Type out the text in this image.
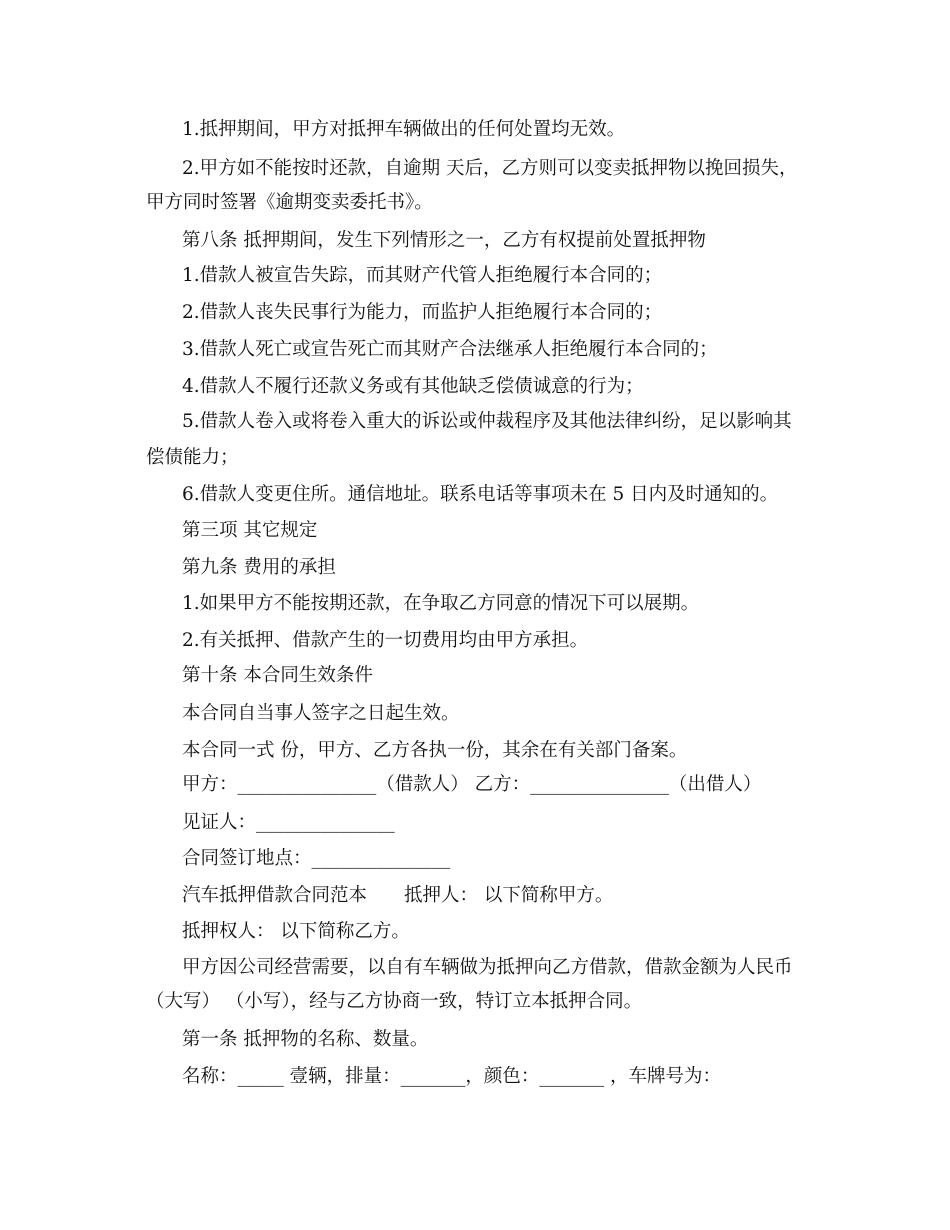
1.抵押期间，甲方对抵押车辆做出的任何处置均无效。
2.甲方如不能按时还款，自逾期 天后，乙方则可以变卖抵押物以挽回损失，
甲方同时签署《逾期变卖委托书》。
第八条 抵押期间，发生下列情形之一，乙方有权提前处置抵押物
1.借款人被宣告失踪，而其财产代管人拒绝履行本合同的；
2.借款人丧失民事行为能力，而监护人拒绝履行本合同的；
3.借款人死亡或宣告死亡而其财产合法继承人拒绝履行本合同的；
4.借款人不履行还款义务或有其他缺乏偿债诚意的行为；
5.借款人卷入或将卷入重大的诉讼或仲裁程序及其他法律纠纷，足以影响其
偿债能力；
6.借款人变更住所。通信地址。联系电话等事项未在 5 日内及时通知的。
第三项 其它规定
第九条 费用的承担
1.如果甲方不能按期还款，在争取乙方同意的情况下可以展期。
2.有关抵押、借款产生的一切费用均由甲方承担。
第十条 本合同生效条件
本合同自当事人签字之日起生效。
本合同一式 份，甲方、乙方各执一份，其余在有关部门备案。
甲方：_______________（借款人） 乙方：_______________（出借人）
见证人：_______________
合同签订地点：_______________
汽车抵押借款合同范本　　抵押人： 以下简称甲方。
抵押权人： 以下简称乙方。
甲方因公司经营需要，以自有车辆做为抵押向乙方借款，借款金额为人民币
（大写） （小写），经与乙方协商一致，特订立本抵押合同。
第一条 抵押物的名称、数量。
名称：_____ 壹辆，排量：_______，颜色：_______ ，车牌号为：
